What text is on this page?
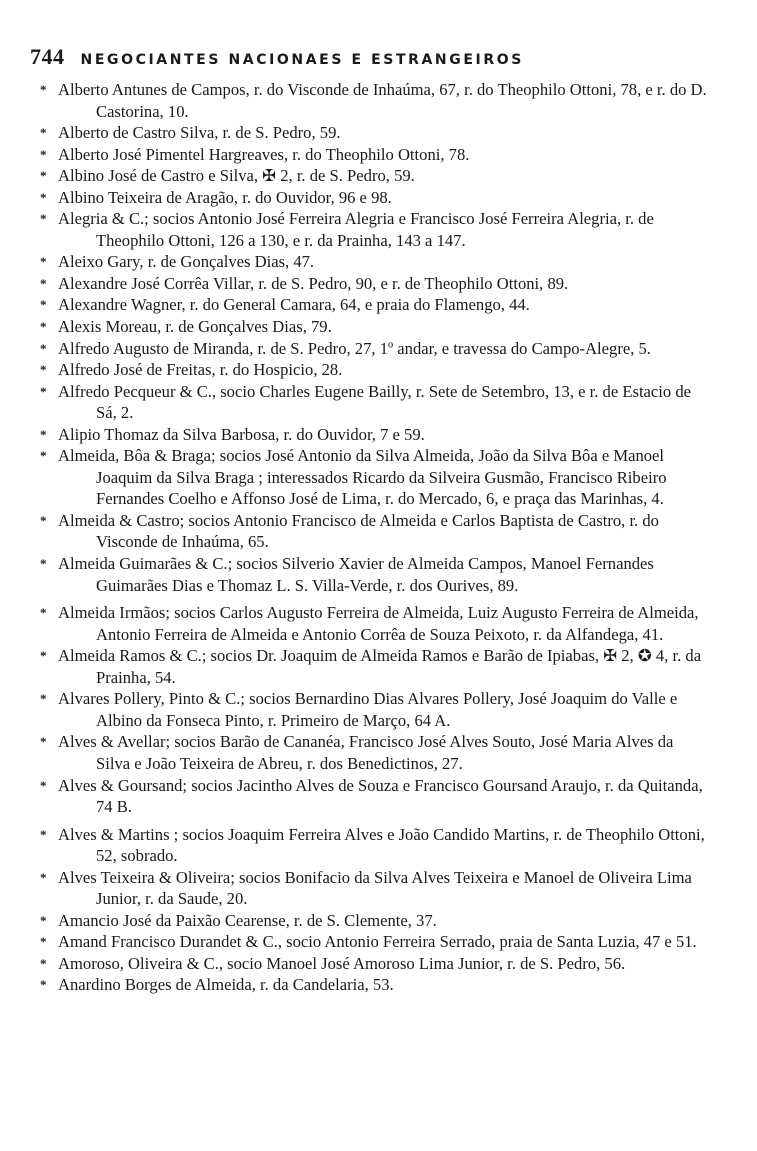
744 NEGOCIANTES NACIONAES E ESTRANGEIROS

* Alberto Antunes de Campos, r. do Visconde de Inhaúma, 67, r. do Theophilo Ottoni, 78, e r. do D. Castorina, 10.

* Alberto de Castro Silva, r. de S. Pedro, 59.

* Alberto José Pimentel Hargreaves, r. do Theophilo Ottoni, 78.

* Albino José de Castro e Silva, ✠ 2, r. de S. Pedro, 59.

* Albino Teixeira de Aragão, r. do Ouvidor, 96 e 98.

* Alegria & C.; socios Antonio José Ferreira Alegria e Francisco José Ferreira Alegria, r. de Theophilo Ottoni, 126 a 130, e r. da Prainha, 143 a 147.

* Aleixo Gary, r. de Gonçalves Dias, 47.

* Alexandre José Corrêa Villar, r. de S. Pedro, 90, e r. de Theophilo Ottoni, 89.

* Alexandre Wagner, r. do General Camara, 64, e praia do Flamengo, 44.

* Alexis Moreau, r. de Gonçalves Dias, 79.

* Alfredo Augusto de Miranda, r. de S. Pedro, 27, 1º andar, e travessa do Campo-Alegre, 5.

* Alfredo José de Freitas, r. do Hospicio, 28.

* Alfredo Pecqueur & C., socio Charles Eugene Bailly, r. Sete de Setembro, 13, e r. de Estacio de Sá, 2.

* Alipio Thomaz da Silva Barbosa, r. do Ouvidor, 7 e 59.

* Almeida, Bôa & Braga; socios José Antonio da Silva Almeida, João da Silva Bôa e Manoel Joaquim da Silva Braga ; interessados Ricardo da Silveira Gusmão, Francisco Ribeiro Fernandes Coelho e Affonso José de Lima, r. do Mercado, 6, e praça das Marinhas, 4.

* Almeida & Castro; socios Antonio Francisco de Almeida e Carlos Baptista de Castro, r. do Visconde de Inhaúma, 65.

* Almeida Guimarães & C.; socios Silverio Xavier de Almeida Campos, Manoel Fernandes Guimarães Dias e Thomaz L. S. Villa-Verde, r. dos Ourives, 89.

* Almeida Irmãos; socios Carlos Augusto Ferreira de Almeida, Luiz Augusto Ferreira de Almeida, Antonio Ferreira de Almeida e Antonio Corrêa de Souza Peixoto, r. da Alfandega, 41.

* Almeida Ramos & C.; socios Dr. Joaquim de Almeida Ramos e Barão de Ipiabas, ✠ 2, ✪ 4, r. da Prainha, 54.

* Alvares Pollery, Pinto & C.; socios Bernardino Dias Alvares Pollery, José Joaquim do Valle e Albino da Fonseca Pinto, r. Primeiro de Março, 64 A.

* Alves & Avellar; socios Barão de Cananéa, Francisco José Alves Souto, José Maria Alves da Silva e João Teixeira de Abreu, r. dos Benedictinos, 27.

* Alves & Goursand; socios Jacintho Alves de Souza e Francisco Goursand Araujo, r. da Quitanda, 74 B.

* Alves & Martins ; socios Joaquim Ferreira Alves e João Candido Martins, r. de Theophilo Ottoni, 52, sobrado.

* Alves Teixeira & Oliveira; socios Bonifacio da Silva Alves Teixeira e Manoel de Oliveira Lima Junior, r. da Saude, 20.

* Amancio José da Paixão Cearense, r. de S. Clemente, 37.

* Amand Francisco Durandet & C., socio Antonio Ferreira Serrado, praia de Santa Luzia, 47 e 51.

* Amoroso, Oliveira & C., socio Manoel José Amoroso Lima Junior, r. de S. Pedro, 56.

* Anardino Borges de Almeida, r. da Candelaria, 53.
